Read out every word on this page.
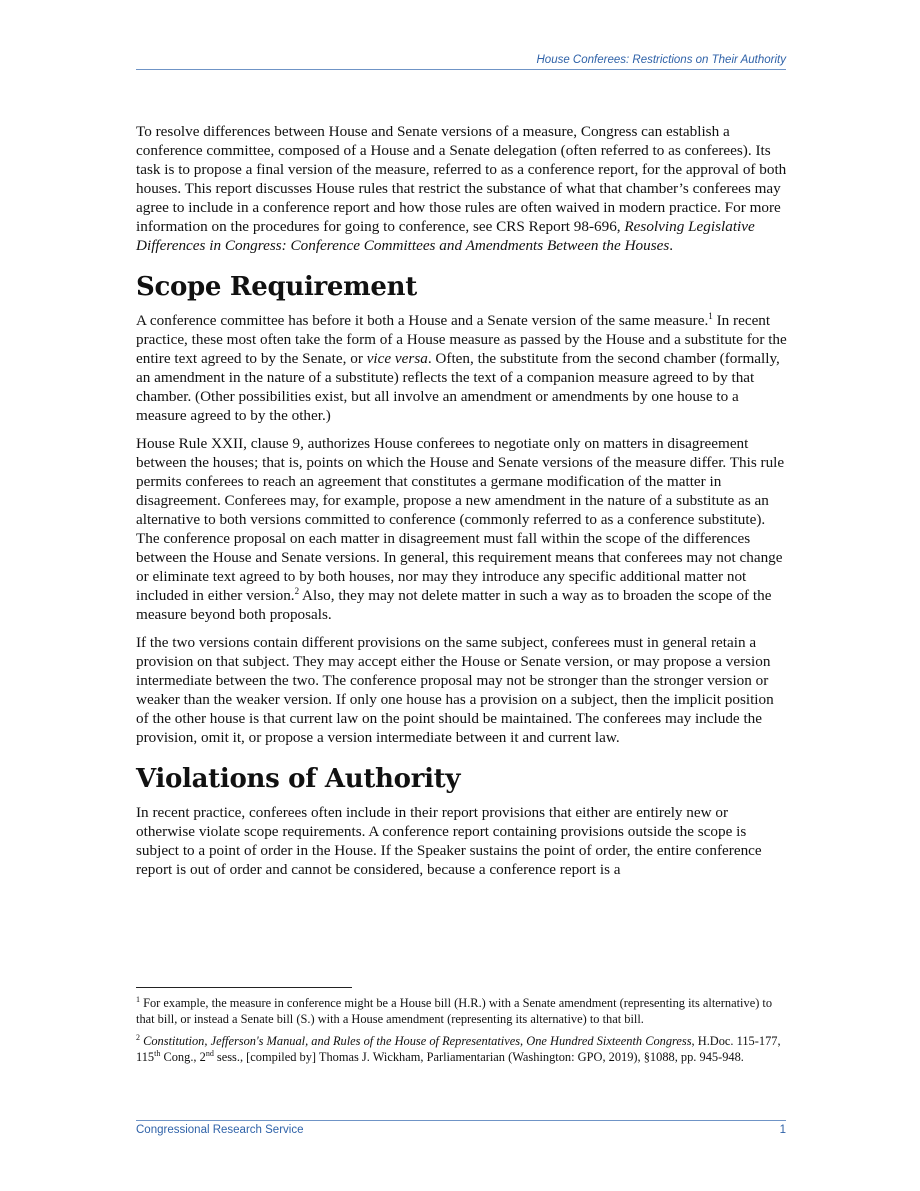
House Conferees: Restrictions on Their Authority

To resolve differences between House and Senate versions of a measure, Congress can establish a conference committee, composed of a House and a Senate delegation (often referred to as conferees). Its task is to propose a final version of the measure, referred to as a conference report, for the approval of both houses. This report discusses House rules that restrict the substance of what that chamber’s conferees may agree to include in a conference report and how those rules are often waived in modern practice. For more information on the procedures for going to conference, see CRS Report 98-696, Resolving Legislative Differences in Congress: Conference Committees and Amendments Between the Houses.

Scope Requirement

A conference committee has before it both a House and a Senate version of the same measure.$^1$ In recent practice, these most often take the form of a House measure as passed by the House and a substitute for the entire text agreed to by the Senate, or vice versa. Often, the substitute from the second chamber (formally, an amendment in the nature of a substitute) reflects the text of a companion measure agreed to by that chamber. (Other possibilities exist, but all involve an amendment or amendments by one house to a measure agreed to by the other.)

House Rule XXII, clause 9, authorizes House conferees to negotiate only on matters in disagreement between the houses; that is, points on which the House and Senate versions of the measure differ. This rule permits conferees to reach an agreement that constitutes a germane modification of the matter in disagreement. Conferees may, for example, propose a new amendment in the nature of a substitute as an alternative to both versions committed to conference (commonly referred to as a conference substitute). The conference proposal on each matter in disagreement must fall within the scope of the differences between the House and Senate versions. In general, this requirement means that conferees may not change or eliminate text agreed to by both houses, nor may they introduce any specific additional matter not included in either version.$^2$ Also, they may not delete matter in such a way as to broaden the scope of the measure beyond both proposals.

If the two versions contain different provisions on the same subject, conferees must in general retain a provision on that subject. They may accept either the House or Senate version, or may propose a version intermediate between the two. The conference proposal may not be stronger than the stronger version or weaker than the weaker version. If only one house has a provision on a subject, then the implicit position of the other house is that current law on the point should be maintained. The conferees may include the provision, omit it, or propose a version intermediate between it and current law.

Violations of Authority

In recent practice, conferees often include in their report provisions that either are entirely new or otherwise violate scope requirements. A conference report containing provisions outside the scope is subject to a point of order in the House. If the Speaker sustains the point of order, the entire conference report is out of order and cannot be considered, because a conference report is a

$^1$ For example, the measure in conference might be a House bill (H.R.) with a Senate amendment (representing its alternative) to that bill, or instead a Senate bill (S.) with a House amendment (representing its alternative) to that bill.

$^2$ Constitution, Jefferson's Manual, and Rules of the House of Representatives, One Hundred Sixteenth Congress, H.Doc. 115-177, 115th Cong., 2nd sess., [compiled by] Thomas J. Wickham, Parliamentarian (Washington: GPO, 2019), §1088, pp. 945-948.

Congressional Research Service	1
